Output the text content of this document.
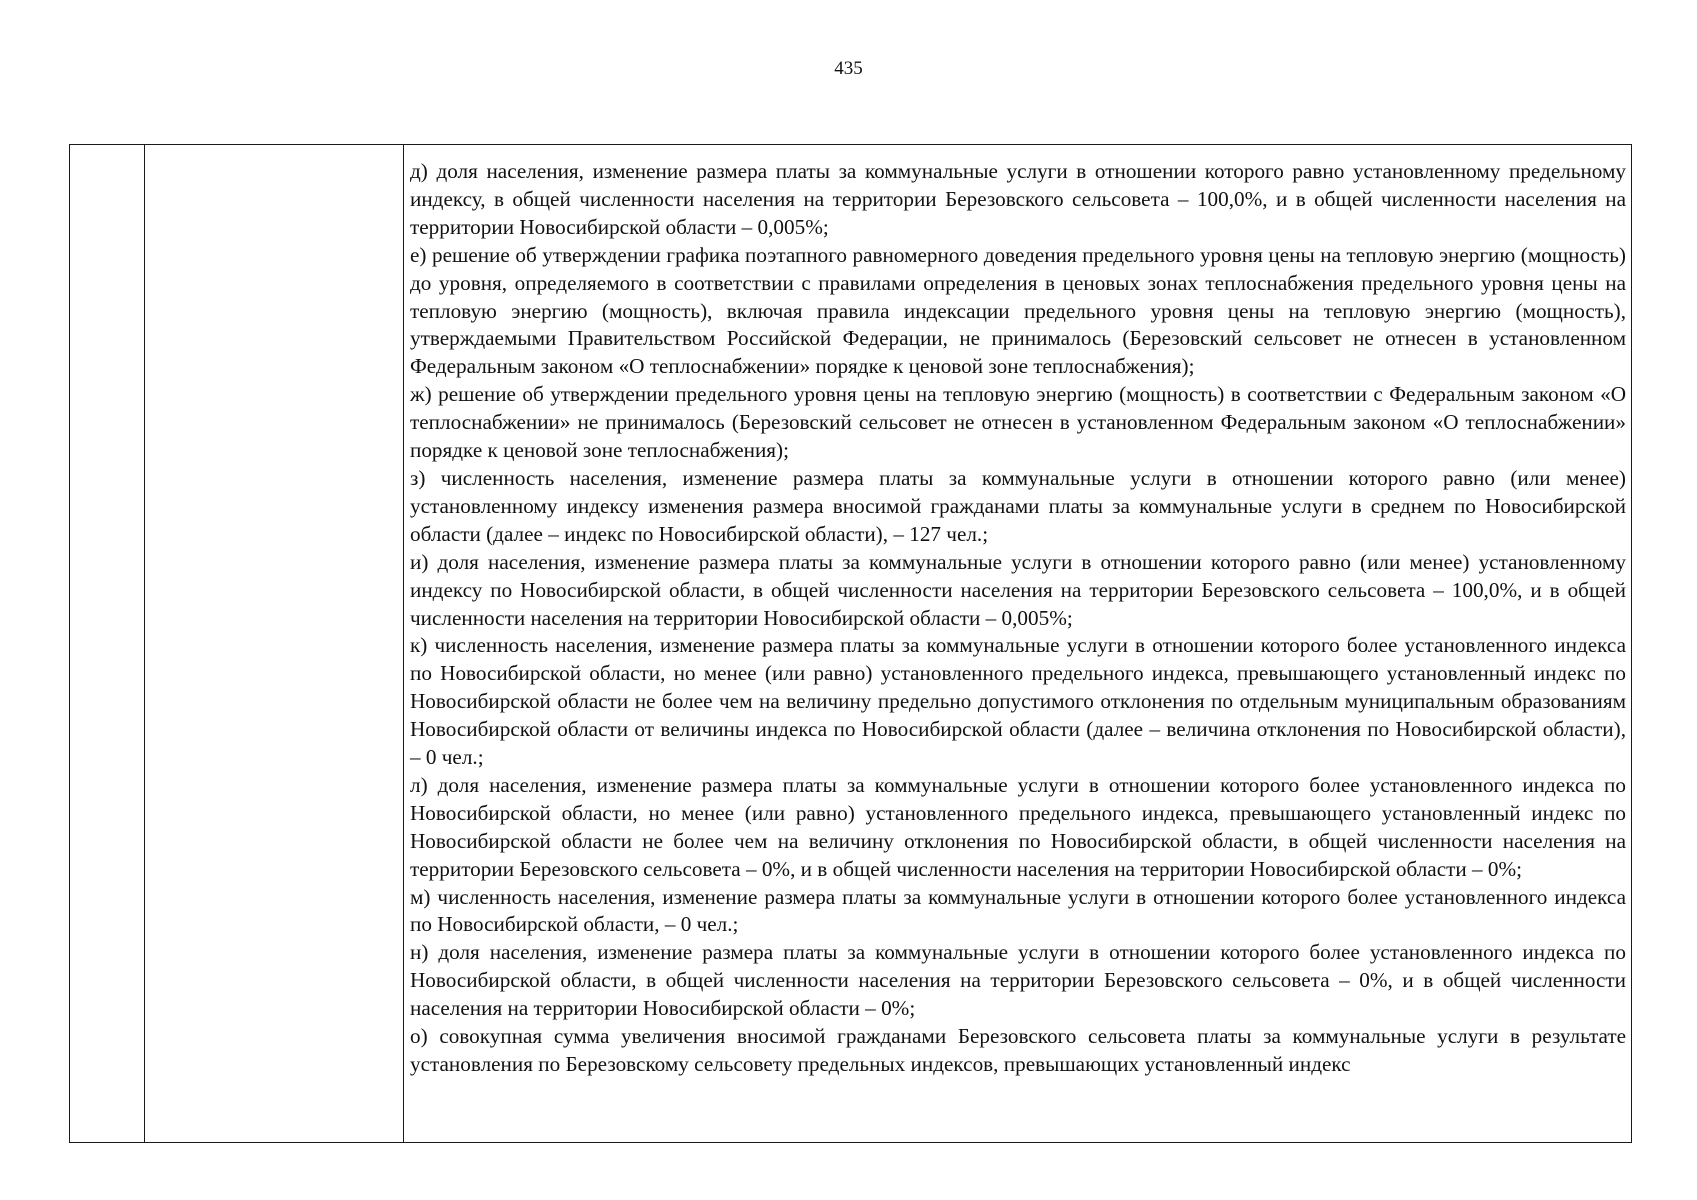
435

д) доля населения, изменение размера платы за коммунальные услуги в отношении которого равно установленному предельному индексу, в общей численности населения на территории Березовского сельсовета – 100,0%, и в общей численности населения на территории Новосибирской области – 0,005%;

е) решение об утверждении графика поэтапного равномерного доведения предельного уровня цены на тепловую энергию (мощность) до уровня, определяемого в соответствии с правилами определения в ценовых зонах теплоснабжения предельного уровня цены на тепловую энергию (мощность), включая правила индексации предельного уровня цены на тепловую энергию (мощность), утверждаемыми Правительством Российской Федерации, не принималось (Березовский сельсовет не отнесен в установленном Федеральным законом «О теплоснабжении» порядке к ценовой зоне теплоснабжения);

ж) решение об утверждении предельного уровня цены на тепловую энергию (мощность) в соответствии с Федеральным законом «О теплоснабжении» не принималось (Березовский сельсовет не отнесен в установленном Федеральным законом «О теплоснабжении» порядке к ценовой зоне теплоснабжения);

з) численность населения, изменение размера платы за коммунальные услуги в отношении которого равно (или менее) установленному индексу изменения размера вносимой гражданами платы за коммунальные услуги в среднем по Новосибирской области (далее – индекс по Новосибирской области), – 127 чел.;

и) доля населения, изменение размера платы за коммунальные услуги в отношении которого равно (или менее) установленному индексу по Новосибирской области, в общей численности населения на территории Березовского сельсовета – 100,0%, и в общей численности населения на территории Новосибирской области – 0,005%;

к) численность населения, изменение размера платы за коммунальные услуги в отношении которого более установленного индекса по Новосибирской области, но менее (или равно) установленного предельного индекса, превышающего установленный индекс по Новосибирской области не более чем на величину предельно допустимого отклонения по отдельным муниципальным образованиям Новосибирской области от величины индекса по Новосибирской области (далее – величина отклонения по Новосибирской области), – 0 чел.;

л) доля населения, изменение размера платы за коммунальные услуги в отношении которого более установленного индекса по Новосибирской области, но менее (или равно) установленного предельного индекса, превышающего установленный индекс по Новосибирской области не более чем на величину отклонения по Новосибирской области, в общей численности населения на территории Березовского сельсовета – 0%, и в общей численности населения на территории Новосибирской области – 0%;

м) численность населения, изменение размера платы за коммунальные услуги в отношении которого более установленного индекса по Новосибирской области, – 0 чел.;

н) доля населения, изменение размера платы за коммунальные услуги в отношении которого более установленного индекса по Новосибирской области, в общей численности населения на территории Березовского сельсовета – 0%, и в общей численности населения на территории Новосибирской области – 0%;

о) совокупная сумма увеличения вносимой гражданами Березовского сельсовета платы за коммунальные услуги в результате установления по Березовскому сельсовету предельных индексов, превышающих установленный индекс
